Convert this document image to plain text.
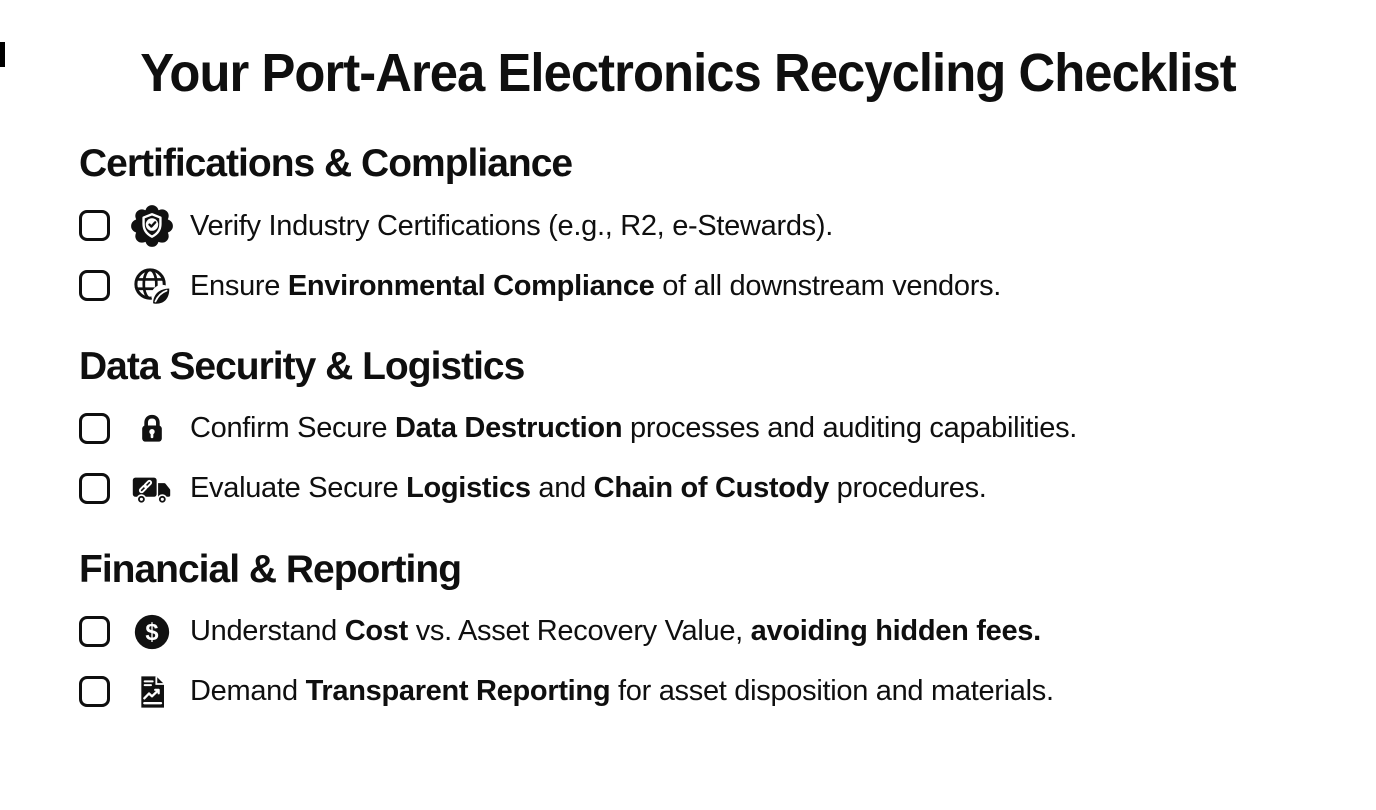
Your Port-Area Electronics Recycling Checklist
Certifications & Compliance
Verify Industry Certifications (e.g., R2, e-Stewards).
Ensure Environmental Compliance of all downstream vendors.
Data Security & Logistics
Confirm Secure Data Destruction processes and auditing capabilities.
Evaluate Secure Logistics and Chain of Custody procedures.
Financial & Reporting
$ Understand Cost vs. Asset Recovery Value, avoiding hidden fees.
Demand Transparent Reporting for asset disposition and materials.
